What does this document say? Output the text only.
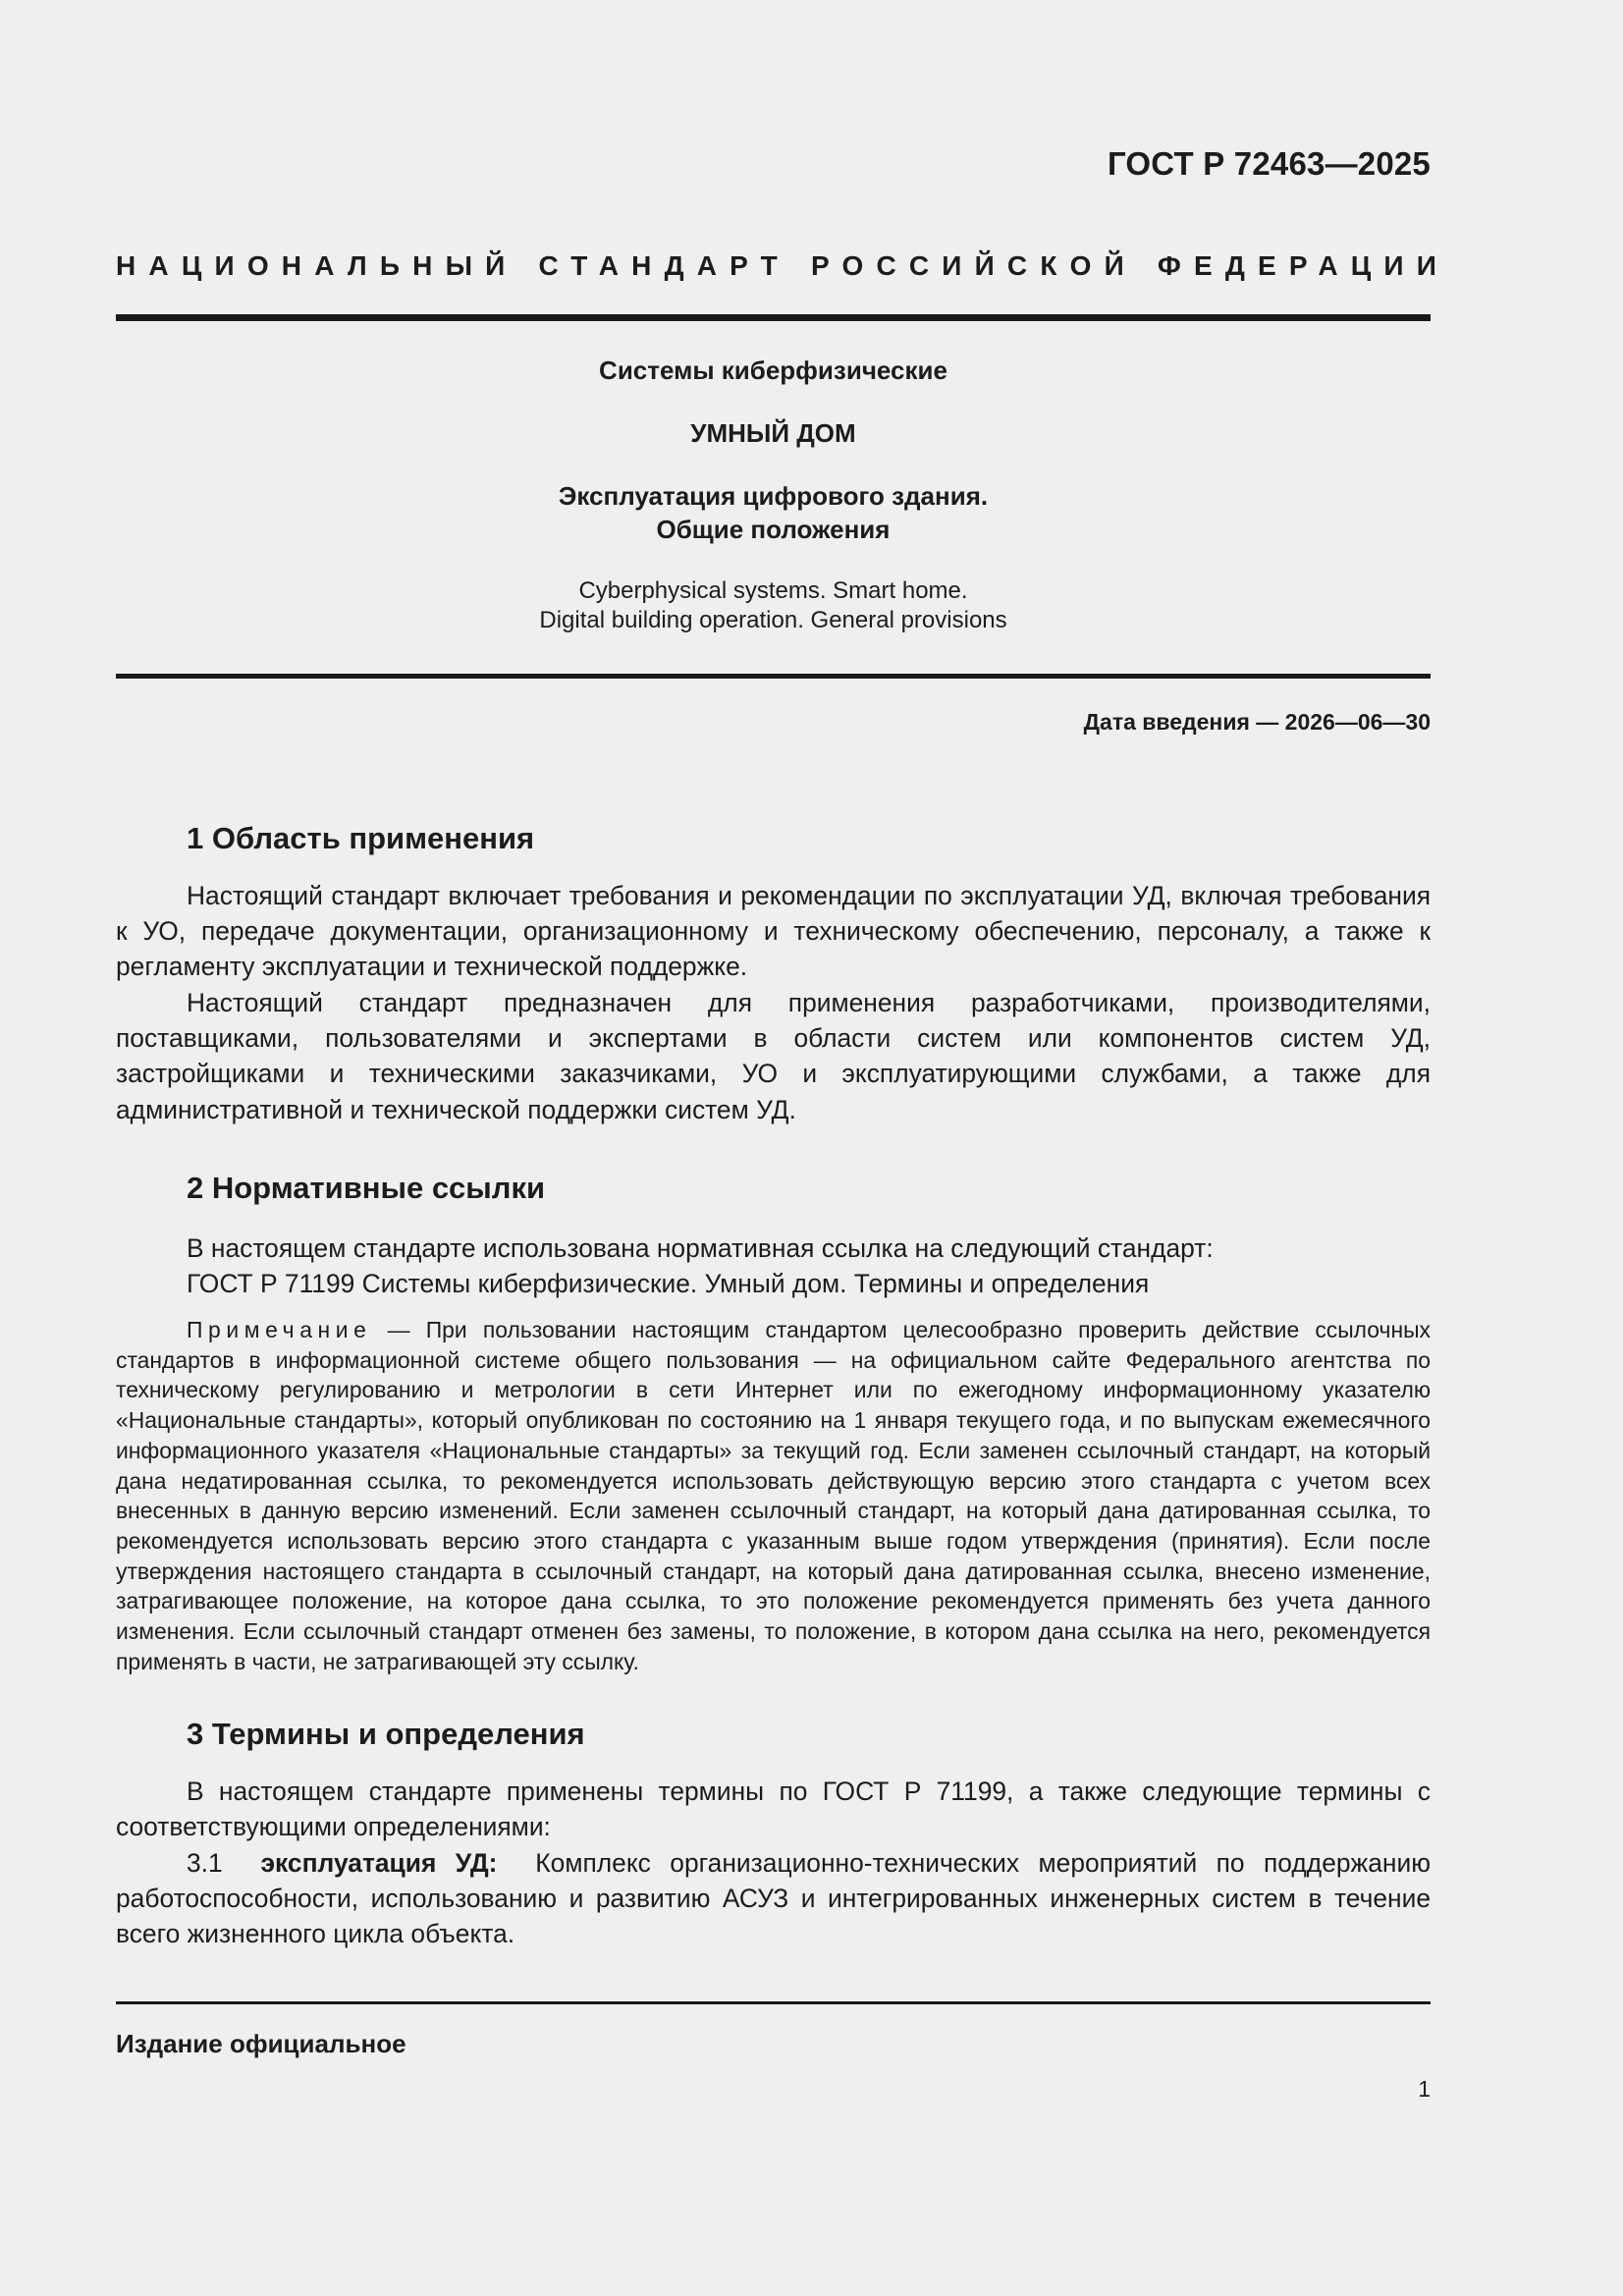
ГОСТ Р 72463—2025
НАЦИОНАЛЬНЫЙ СТАНДАРТ РОССИЙСКОЙ ФЕДЕРАЦИИ
Системы киберфизические
УМНЫЙ ДОМ
Эксплуатация цифрового здания.
Общие положения
Cyberphysical systems. Smart home.
Digital building operation. General provisions
Дата введения — 2026—06—30
1 Область применения

Настоящий стандарт включает требования и рекомендации по эксплуатации УД, включая требования к УО, передаче документации, организационному и техническому обеспечению, персоналу, а также к регламенту эксплуатации и технической поддержке.

Настоящий стандарт предназначен для применения разработчиками, производителями, поставщиками, пользователями и экспертами в области систем или компонентов систем УД, застройщиками и техническими заказчиками, УО и эксплуатирующими службами, а также для административной и технической поддержки систем УД.

2 Нормативные ссылки
В настоящем стандарте использована нормативная ссылка на следующий стандарт:
ГОСТ Р 71199 Системы киберфизические. Умный дом. Термины и определения

Примечание — При пользовании настоящим стандартом целесообразно проверить действие ссылочных стандартов в информационной системе общего пользования — на официальном сайте Федерального агентства по техническому регулированию и метрологии в сети Интернет или по ежегодному информационному указателю «Национальные стандарты», который опубликован по состоянию на 1 января текущего года, и по выпускам ежемесячного информационного указателя «Национальные стандарты» за текущий год. Если заменен ссылочный стандарт, на который дана недатированная ссылка, то рекомендуется использовать действующую версию этого стандарта с учетом всех внесенных в данную версию изменений. Если заменен ссылочный стандарт, на который дана датированная ссылка, то рекомендуется использовать версию этого стандарта с указанным выше годом утверждения (принятия). Если после утверждения настоящего стандарта в ссылочный стандарт, на который дана датированная ссылка, внесено изменение, затрагивающее положение, на которое дана ссылка, то это положение рекомендуется применять без учета данного изменения. Если ссылочный стандарт отменен без замены, то положение, в котором дана ссылка на него, рекомендуется применять в части, не затрагивающей эту ссылку.

3 Термины и определения

В настоящем стандарте применены термины по ГОСТ Р 71199, а также следующие термины с соответствующими определениями:

3.1 эксплуатация УД: Комплекс организационно-технических мероприятий по поддержанию работоспособности, использованию и развитию АСУЗ и интегрированных инженерных систем в течение всего жизненного цикла объекта.

Издание официальное
1
